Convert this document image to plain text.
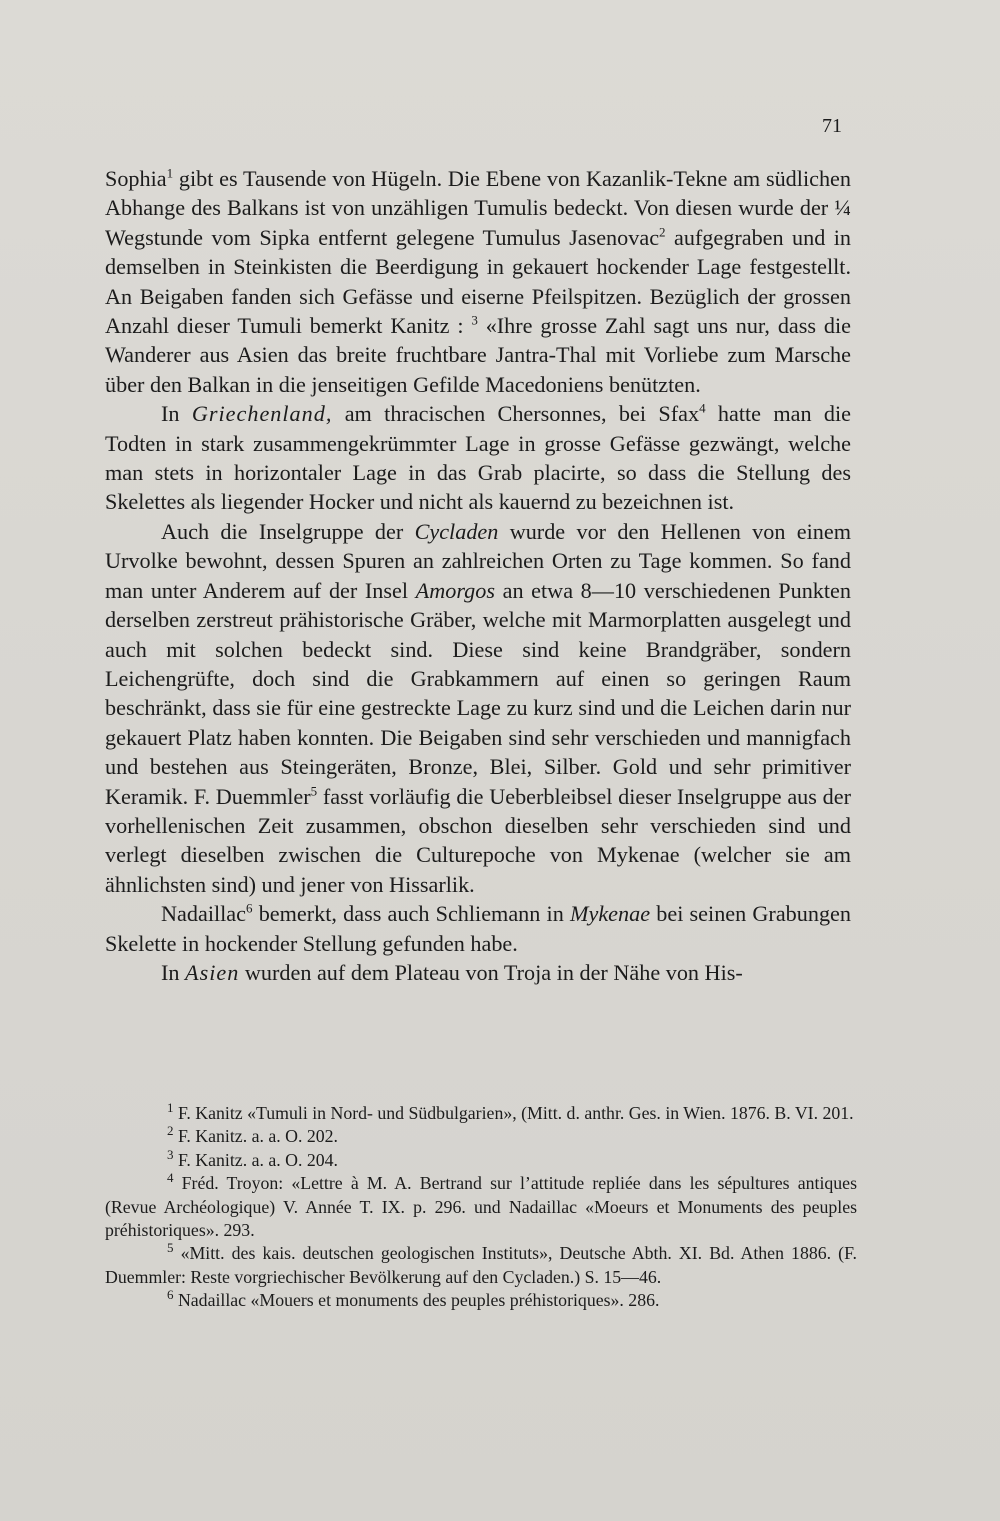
71

Sophia$^1$ gibt es Tausende von Hügeln. Die Ebene von Kazanlik-Tekne am südlichen Abhange des Balkans ist von unzähligen Tumulis bedeckt. Von diesen wurde der ¼ Wegstunde vom Sipka entfernt gelegene Tumulus Jasenovac$^2$ aufgegraben und in demselben in Steinkisten die Beerdigung in gekauert hockender Lage festgestellt. An Beigaben fanden sich Gefässe und eiserne Pfeilspitzen. Bezüglich der grossen Anzahl dieser Tumuli bemerkt Kanitz : $^3$ «Ihre grosse Zahl sagt uns nur, dass die Wanderer aus Asien das breite fruchtbare Jantra-Thal mit Vorliebe zum Marsche über den Balkan in die jenseitigen Gefilde Macedoniens benützten.

In Griechenland, am thracischen Chersonnes, bei Sfax$^4$ hatte man die Todten in stark zusammengekrümmter Lage in grosse Gefässe gezwängt, welche man stets in horizontaler Lage in das Grab placirte, so dass die Stellung des Skelettes als liegender Hocker und nicht als kauernd zu bezeichnen ist.

Auch die Inselgruppe der Cycladen wurde vor den Hellenen von einem Urvolke bewohnt, dessen Spuren an zahlreichen Orten zu Tage kommen. So fand man unter Anderem auf der Insel Amorgos an etwa 8—10 verschiedenen Punkten derselben zerstreut prähistorische Gräber, welche mit Marmorplatten ausgelegt und auch mit solchen bedeckt sind. Diese sind keine Brandgräber, sondern Leichengrüfte, doch sind die Grabkammern auf einen so geringen Raum beschränkt, dass sie für eine gestreckte Lage zu kurz sind und die Leichen darin nur gekauert Platz haben konnten. Die Beigaben sind sehr verschieden und mannigfach und bestehen aus Steingeräten, Bronze, Blei, Silber. Gold und sehr primitiver Keramik. F. Duemmler$^5$ fasst vorläufig die Ueberbleibsel dieser Inselgruppe aus der vorhellenischen Zeit zusammen, obschon dieselben sehr verschieden sind und verlegt dieselben zwischen die Culturepoche von Mykenae (welcher sie am ähnlichsten sind) und jener von Hissarlik.

Nadaillac$^6$ bemerkt, dass auch Schliemann in Mykenae bei seinen Grabungen Skelette in hockender Stellung gefunden habe.

In Asien wurden auf dem Plateau von Troja in der Nähe von His-

$^1$ F. Kanitz «Tumuli in Nord- und Südbulgarien», (Mitt. d. anthr. Ges. in Wien. 1876. B. VI. 201.

$^2$ F. Kanitz. a. a. O. 202.

$^3$ F. Kanitz. a. a. O. 204.

$^4$ Fréd. Troyon: «Lettre à M. A. Bertrand sur l’attitude repliée dans les sépultures antiques (Revue Archéologique) V. Année T. IX. p. 296. und Nadaillac «Moeurs et Monuments des peuples préhistoriques». 293.

$^5$ «Mitt. des kais. deutschen geologischen Instituts», Deutsche Abth. XI. Bd. Athen 1886. (F. Duemmler: Reste vorgriechischer Bevölkerung auf den Cycladen.) S. 15—46.

$^6$ Nadaillac «Mouers et monuments des peuples préhistoriques». 286.
